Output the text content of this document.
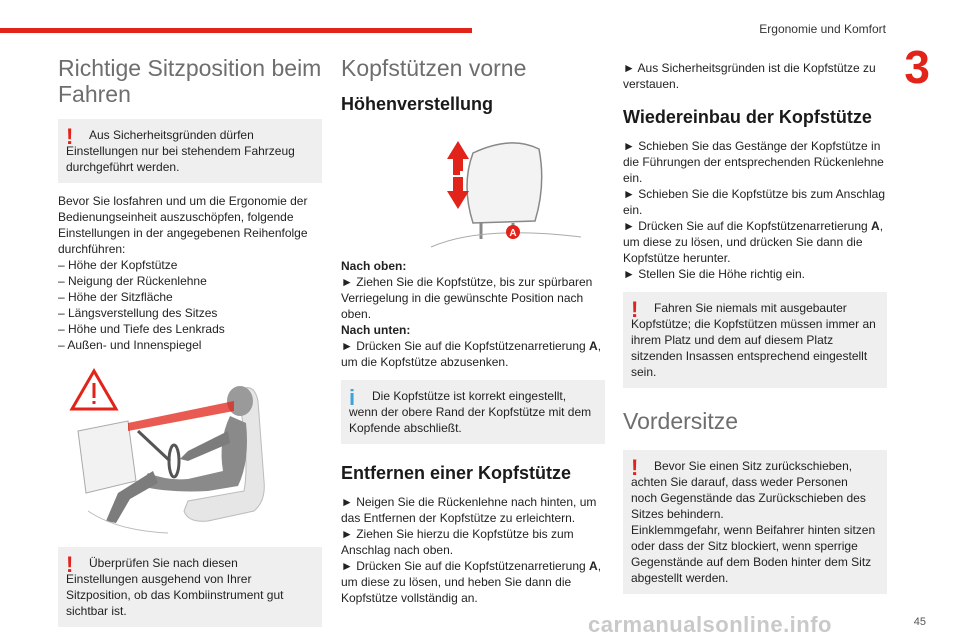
Ergonomie und Komfort
3
Richtige Sitzposition beim Fahren
!	Aus Sicherheitsgründen dürfen Einstellungen nur bei stehendem Fahrzeug durchgeführt werden.

Bevor Sie losfahren und um die Ergonomie der Bedienungseinheit auszuschöpfen, folgende Einstellungen in der angegebenen Reihenfolge durchführen:

– Höhe der Kopfstütze

– Neigung der Rückenlehne

– Höhe der Sitzfläche

– Längsverstellung des Sitzes

– Höhe und Tiefe des Lenkrads

– Außen- und Innenspiegel

!	Überprüfen Sie nach diesen Einstellungen ausgehend von Ihrer Sitzposition, ob das Kombiinstrument gut sichtbar ist.

Kopfstützen vorne
Höhenverstellung
A

Nach oben:

► Ziehen Sie die Kopfstütze, bis zur spürbaren Verriegelung in die gewünschte Position nach oben.

Nach unten:

► Drücken Sie auf die Kopfstützenarretierung A, um die Kopfstütze abzusenken.

i	Die Kopfstütze ist korrekt eingestellt, wenn der obere Rand der Kopfstütze mit dem Kopfende abschließt.

Entfernen einer Kopfstütze

► Neigen Sie die Rückenlehne nach hinten, um das Entfernen der Kopfstütze zu erleichtern.

► Ziehen Sie hierzu die Kopfstütze bis zum Anschlag nach oben.

► Drücken Sie auf die Kopfstützenarretierung A, um diese zu lösen, und heben Sie dann die Kopfstütze vollständig an.

► Aus Sicherheitsgründen ist die Kopfstütze zu verstauen.

Wiedereinbau der Kopfstütze

► Schieben Sie das Gestänge der Kopfstütze in die Führungen der entsprechenden Rückenlehne ein.

► Schieben Sie die Kopfstütze bis zum Anschlag ein.

► Drücken Sie auf die Kopfstützenarretierung A, um diese zu lösen, und drücken Sie dann die Kopfstütze herunter.

► Stellen Sie die Höhe richtig ein.

!	Fahren Sie niemals mit ausgebauter Kopfstütze; die Kopfstützen müssen immer an ihrem Platz und dem auf diesem Platz sitzenden Insassen entsprechend eingestellt sein.

Vordersitze
!	Bevor Sie einen Sitz zurückschieben, achten Sie darauf, dass weder Personen noch Gegenstände das Zurückschieben des Sitzes behindern.

Einklemmgefahr, wenn Beifahrer hinten sitzen oder dass der Sitz blockiert, wenn sperrige Gegenstände auf dem Boden hinter dem Sitz abgestellt werden.

carmanualsonline.info	45
